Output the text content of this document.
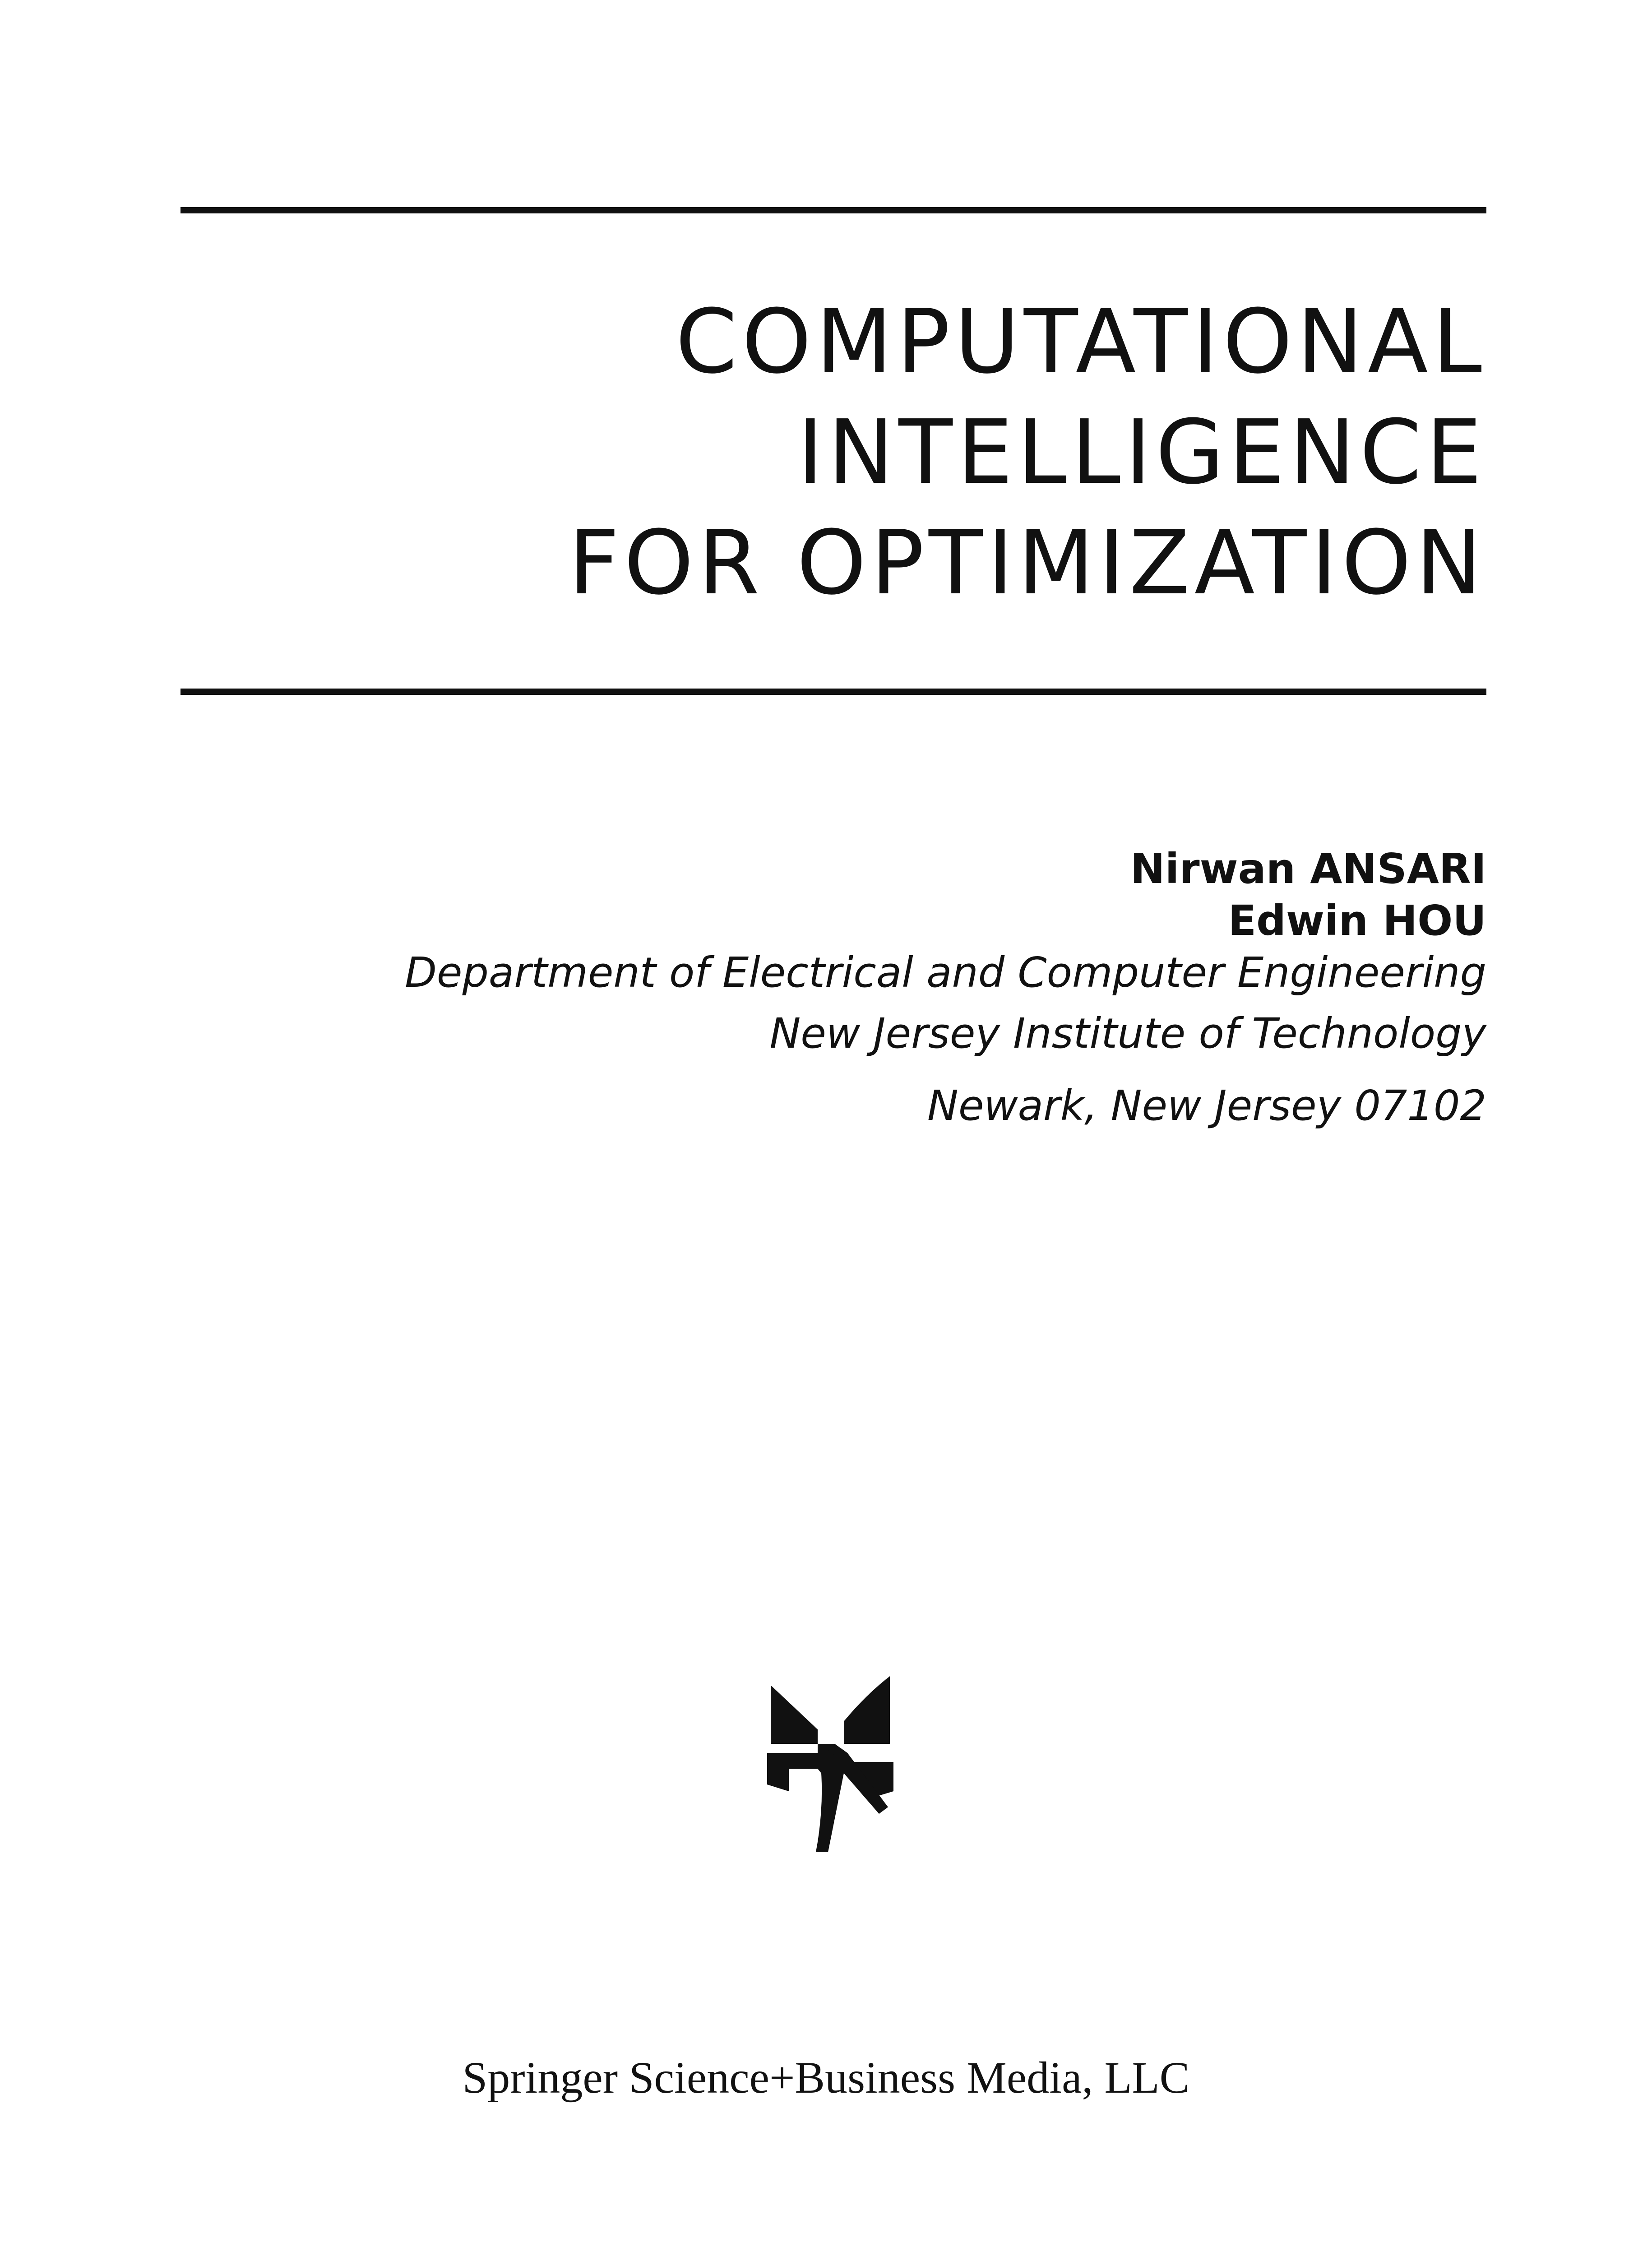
COMPUTATIONAL
INTELLIGENCE
FOR OPTIMIZATION
Nirwan ANSARI
Edwin HOU
Department of Electrical and Computer Engineering
New Jersey Institute of Technology
Newark, New Jersey 07102
Springer Science+Business Media, LLC
